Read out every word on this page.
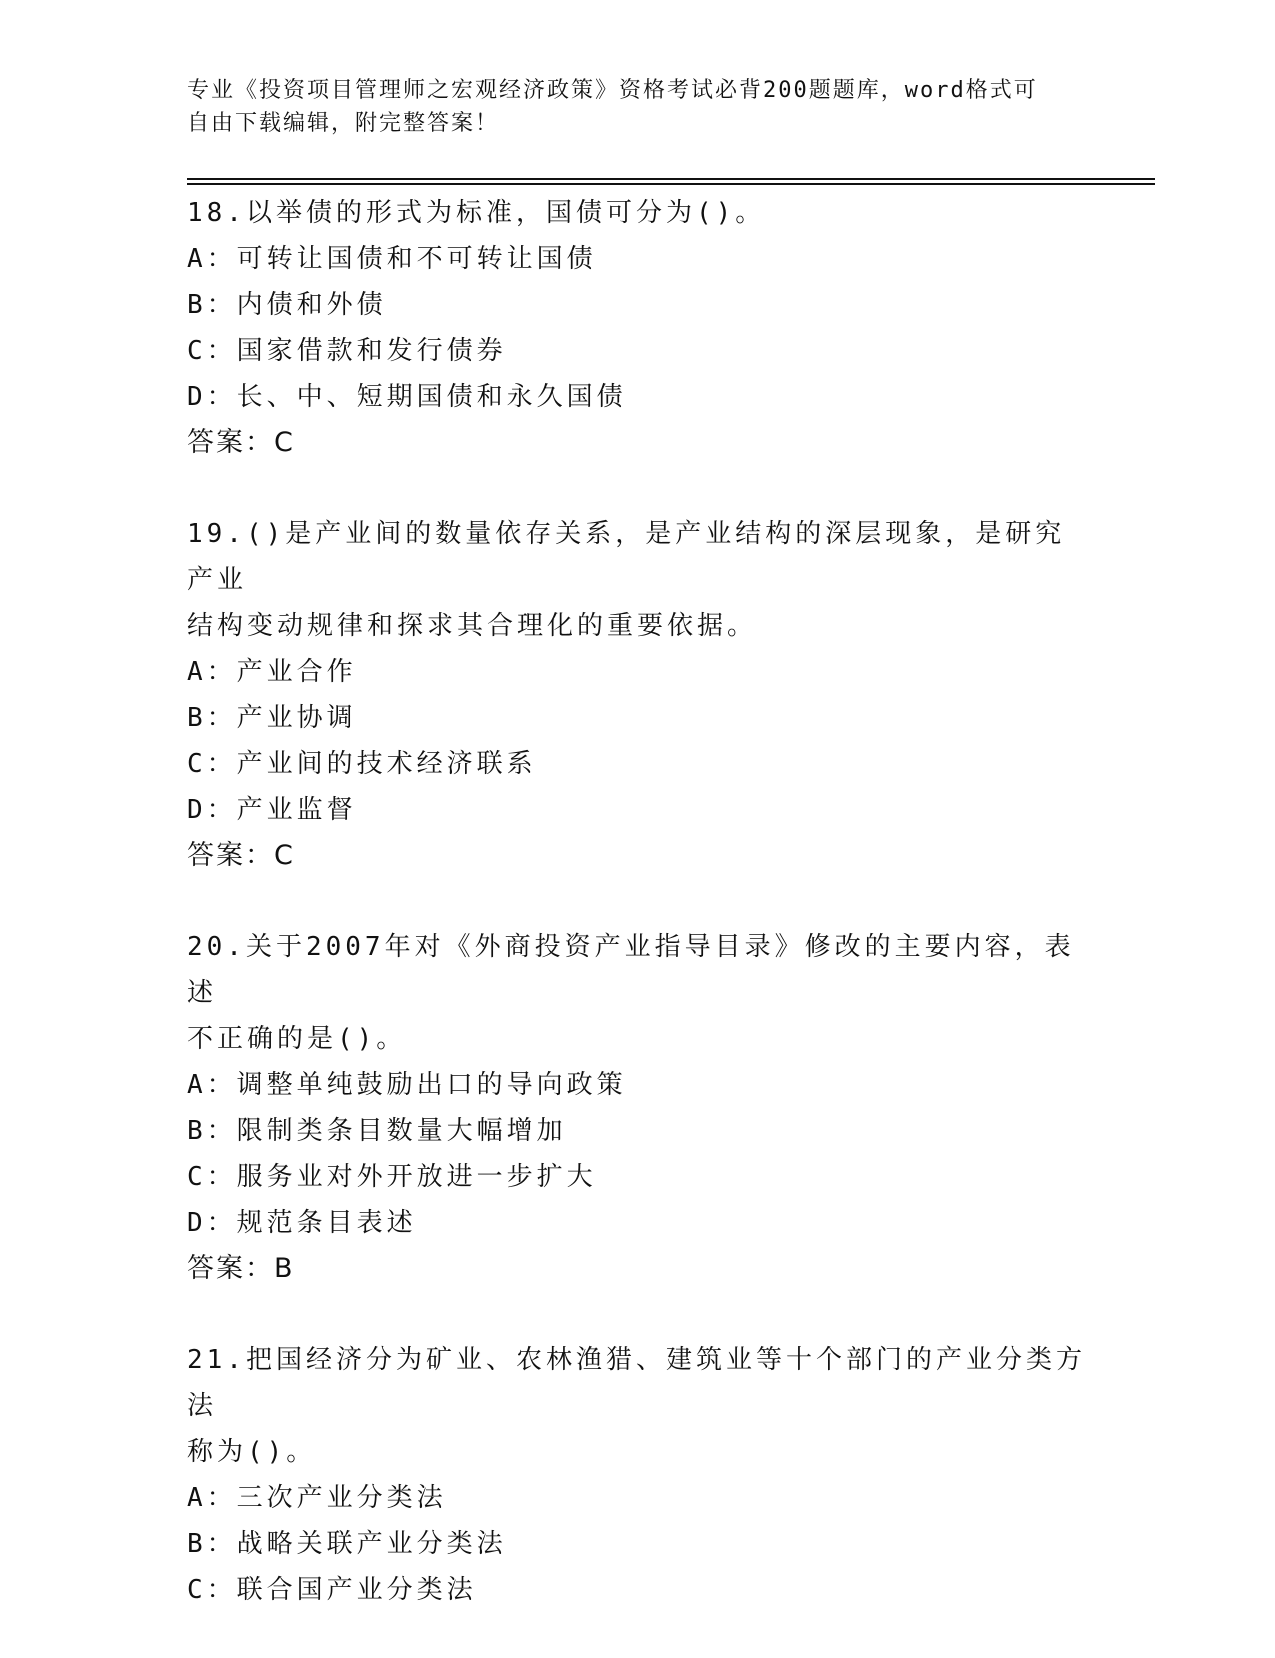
专业《投资项目管理师之宏观经济政策》资格考试必背200题题库，word格式可
自由下载编辑，附完整答案！
18.以举债的形式为标准，国债可分为()。
A：可转让国债和不可转让国债
B：内债和外债
C：国家借款和发行债券
D：长、中、短期国债和永久国债
答案：C
19.()是产业间的数量依存关系，是产业结构的深层现象，是研究产业
结构变动规律和探求其合理化的重要依据。
A：产业合作
B：产业协调
C：产业间的技术经济联系
D：产业监督
答案：C
20.关于2007年对《外商投资产业指导目录》修改的主要内容，表述
不正确的是()。
A：调整单纯鼓励出口的导向政策
B：限制类条目数量大幅增加
C：服务业对外开放进一步扩大
D：规范条目表述
答案：B
21.把国经济分为矿业、农林渔猎、建筑业等十个部门的产业分类方法
称为()。
A：三次产业分类法
B：战略关联产业分类法
C：联合国产业分类法
